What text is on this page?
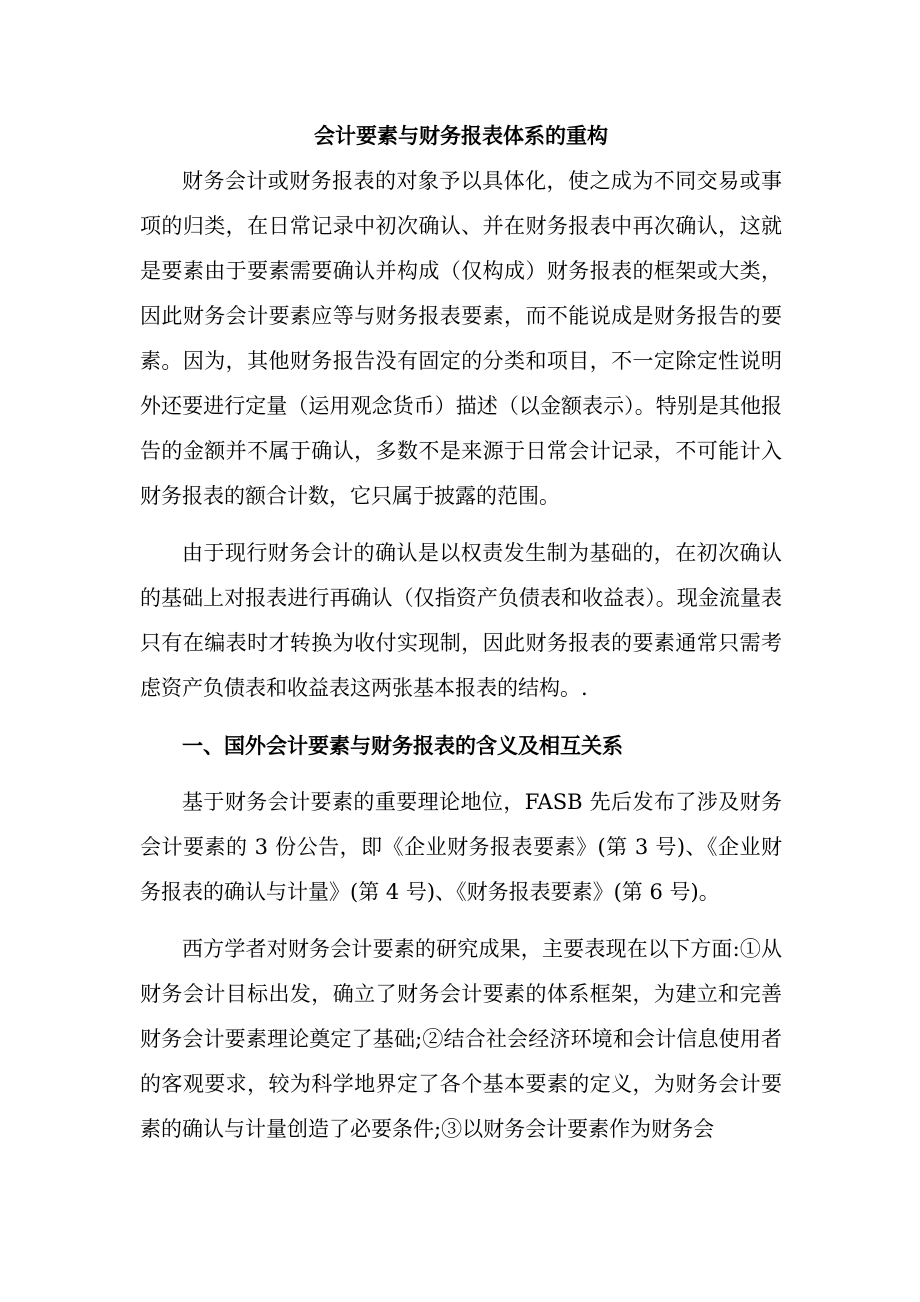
会计要素与财务报表体系的重构

财务会计或财务报表的对象予以具体化，使之成为不同交易或事项的归类，在日常记录中初次确认、并在财务报表中再次确认，这就是要素由于要素需要确认并构成（仅构成）财务报表的框架或大类，因此财务会计要素应等与财务报表要素，而不能说成是财务报告的要素。因为，其他财务报告没有固定的分类和项目，不一定除定性说明外还要进行定量（运用观念货币）描述（以金额表示）。特别是其他报告的金额并不属于确认，多数不是来源于日常会计记录，不可能计入财务报表的额合计数，它只属于披露的范围。

由于现行财务会计的确认是以权责发生制为基础的，在初次确认的基础上对报表进行再确认（仅指资产负债表和收益表）。现金流量表只有在编表时才转换为收付实现制，因此财务报表的要素通常只需考虑资产负债表和收益表这两张基本报表的结构。.

一、国外会计要素与财务报表的含义及相互关系

基于财务会计要素的重要理论地位，FASB 先后发布了涉及财务会计要素的 3 份公告，即《企业财务报表要素》(第 3 号)、《企业财务报表的确认与计量》(第 4 号)、《财务报表要素》(第 6 号)。

西方学者对财务会计要素的研究成果，主要表现在以下方面:①从财务会计目标出发，确立了财务会计要素的体系框架，为建立和完善财务会计要素理论奠定了基础;②结合社会经济环境和会计信息使用者的客观要求，较为科学地界定了各个基本要素的定义，为财务会计要素的确认与计量创造了必要条件;③以财务会计要素作为财务会
